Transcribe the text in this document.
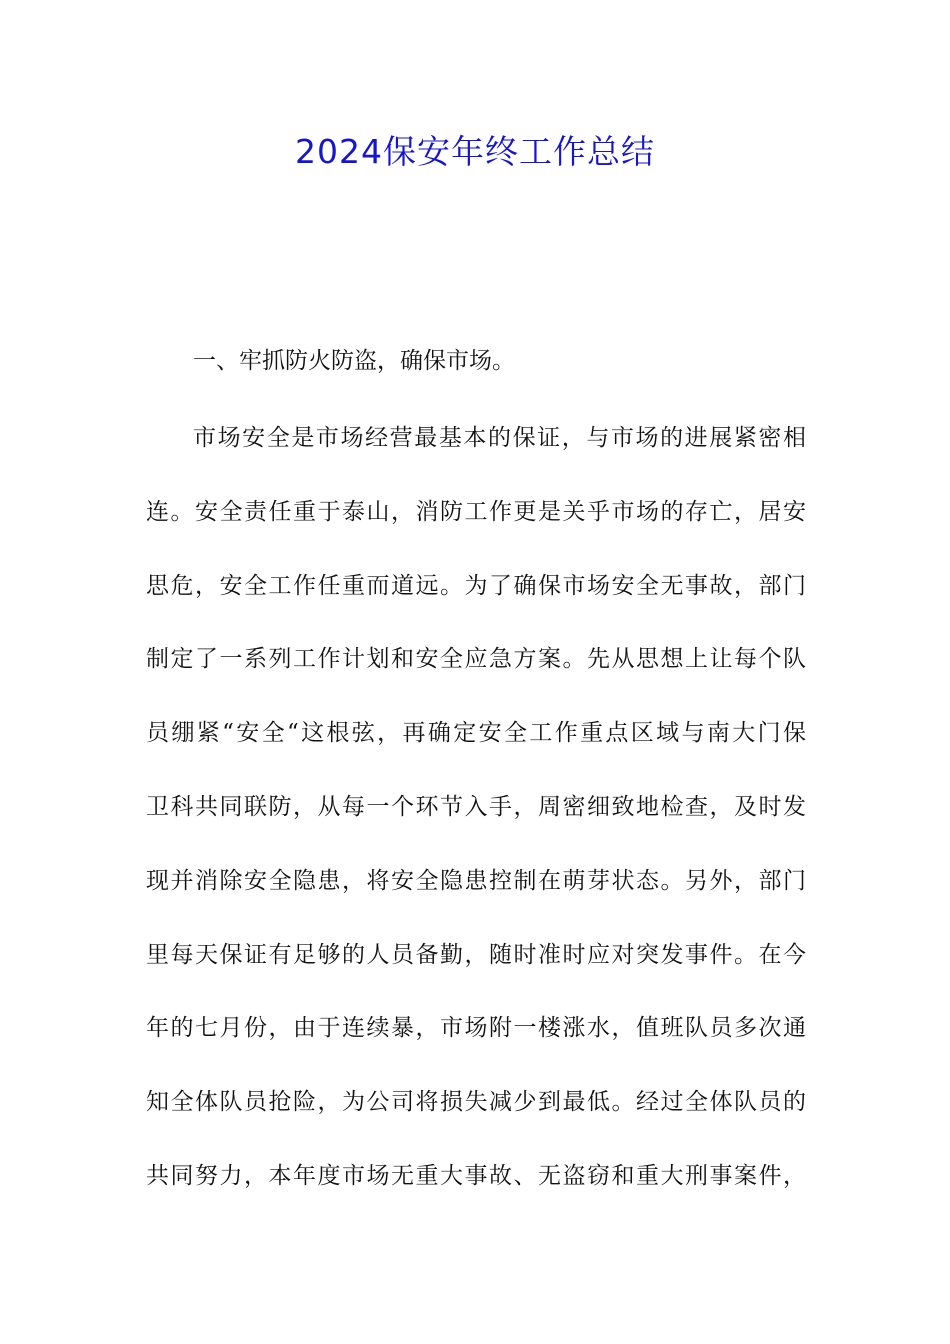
2024保安年终工作总结
一、牢抓防火防盗，确保市场。
市场安全是市场经营最基本的保证，与市场的进展紧密相
连。安全责任重于泰山，消防工作更是关乎市场的存亡，居安
思危，安全工作任重而道远。为了确保市场安全无事故，部门
制定了一系列工作计划和安全应急方案。先从思想上让每个队
员绷紧“安全“这根弦，再确定安全工作重点区域与南大门保
卫科共同联防，从每一个环节入手，周密细致地检查，及时发
现并消除安全隐患，将安全隐患控制在萌芽状态。另外，部门
里每天保证有足够的人员备勤，随时准时应对突发事件。在今
年的七月份，由于连续暴，市场附一楼涨水，值班队员多次通
知全体队员抢险，为公司将损失减少到最低。经过全体队员的
共同努力，本年度市场无重大事故、无盗窃和重大刑事案件，
